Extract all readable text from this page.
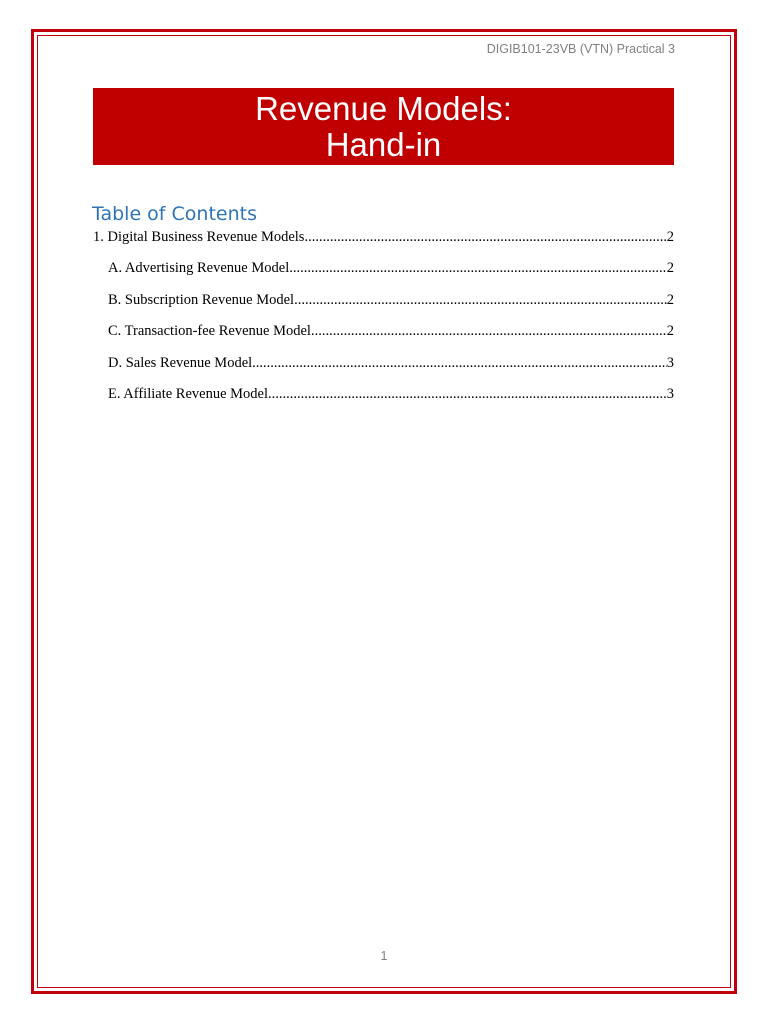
DIGIB101-23VB (VTN) Practical 3
Revenue Models:
Hand-in
Table of Contents
1. Digital Business Revenue Models .....	2
A. Advertising Revenue Model .....	2
B. Subscription Revenue Model .....	2
C. Transaction-fee Revenue Model .....	2
D. Sales Revenue Model .....	3
E. Affiliate Revenue Model .....	3
1
